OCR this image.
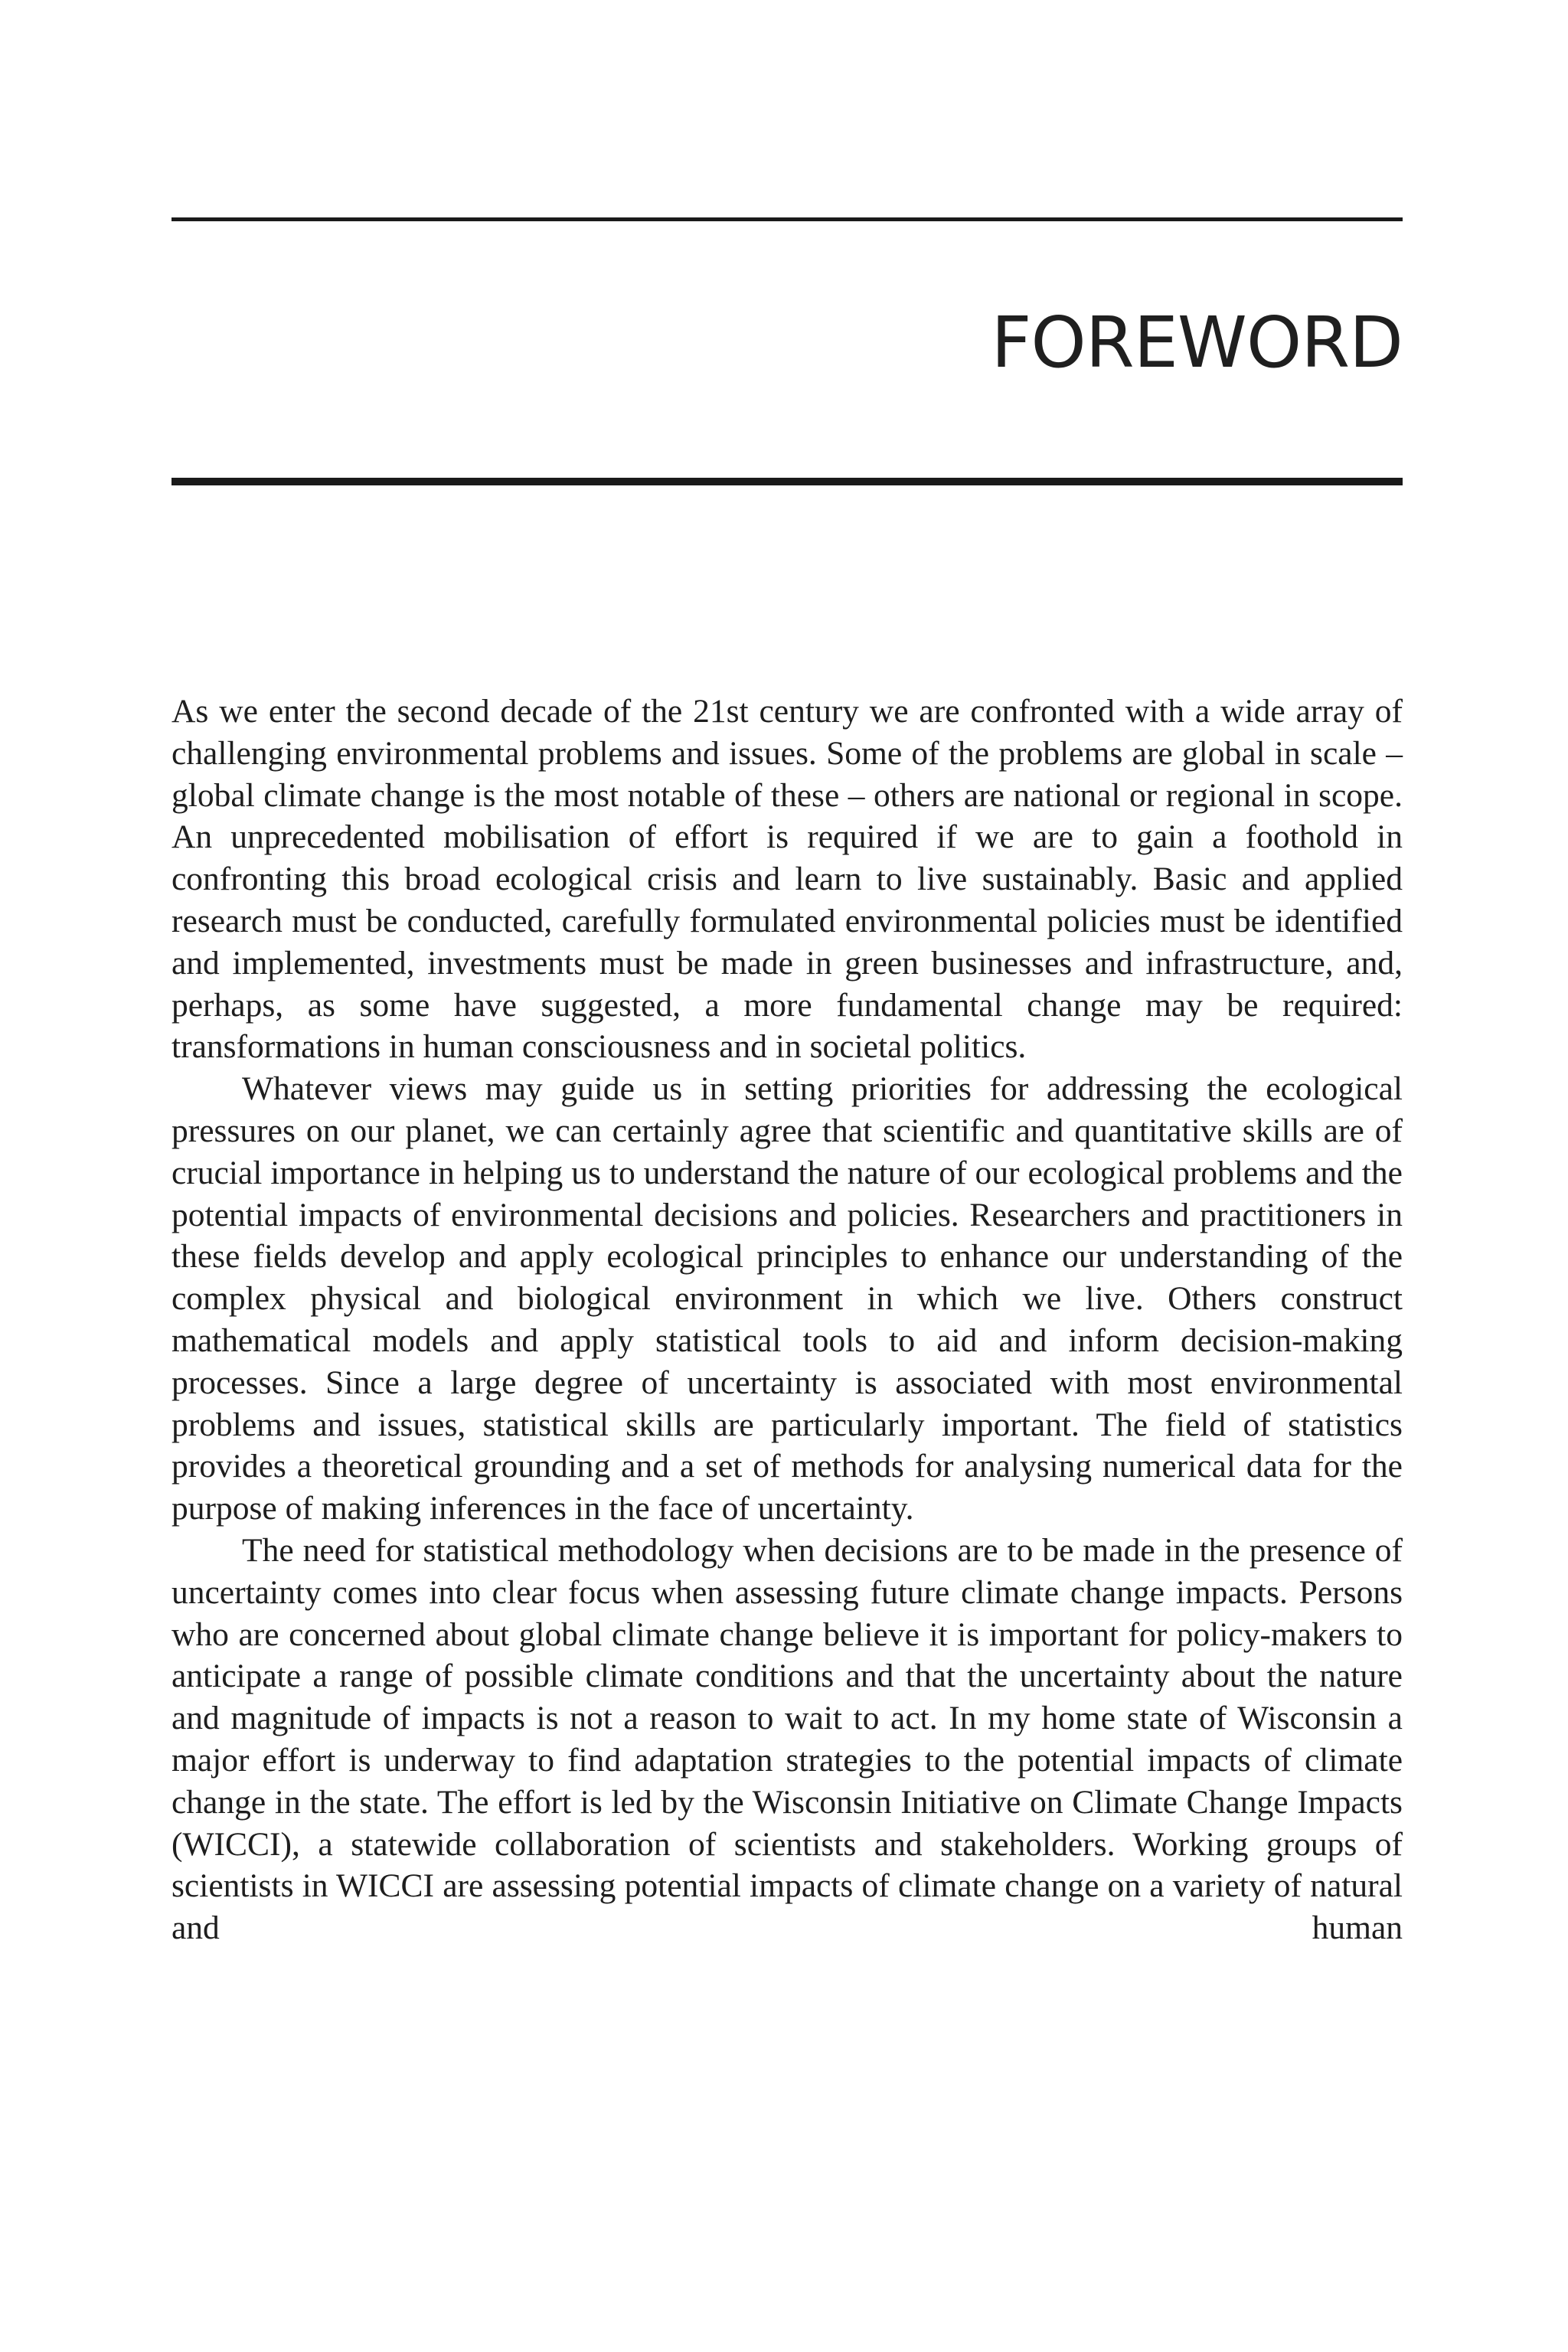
FOREWORD

As we enter the second decade of the 21st century we are confronted with a wide array of challenging environmental problems and issues. Some of the problems are global in scale – global climate change is the most notable of these – others are national or regional in scope. An unprecedented mobilisation of effort is required if we are to gain a foothold in confronting this broad ecological crisis and learn to live sustainably. Basic and applied research must be conducted, carefully formulated environmental policies must be identified and implemented, investments must be made in green businesses and infrastructure, and, perhaps, as some have suggested, a more fundamental change may be required: transformations in human consciousness and in societal politics.

Whatever views may guide us in setting priorities for addressing the ecological pressures on our planet, we can certainly agree that scientific and quantitative skills are of crucial importance in helping us to understand the nature of our ecological problems and the potential impacts of environmental decisions and policies. Researchers and practitioners in these fields develop and apply ecological principles to enhance our understanding of the complex physical and biological environment in which we live. Others construct mathematical models and apply statistical tools to aid and inform decision-making processes. Since a large degree of uncertainty is associated with most environmental problems and issues, statistical skills are particularly important. The field of statistics provides a theoretical grounding and a set of methods for analysing numerical data for the purpose of making inferences in the face of uncertainty.

The need for statistical methodology when decisions are to be made in the presence of uncertainty comes into clear focus when assessing future climate change impacts. Persons who are concerned about global climate change believe it is important for policy-makers to anticipate a range of possible climate conditions and that the uncertainty about the nature and magnitude of impacts is not a reason to wait to act. In my home state of Wisconsin a major effort is underway to find adaptation strategies to the potential impacts of climate change in the state. The effort is led by the Wisconsin Initiative on Climate Change Impacts (WICCI), a statewide collaboration of scientists and stakeholders. Working groups of scientists in WICCI are assessing potential impacts of climate change on a variety of natural and human
